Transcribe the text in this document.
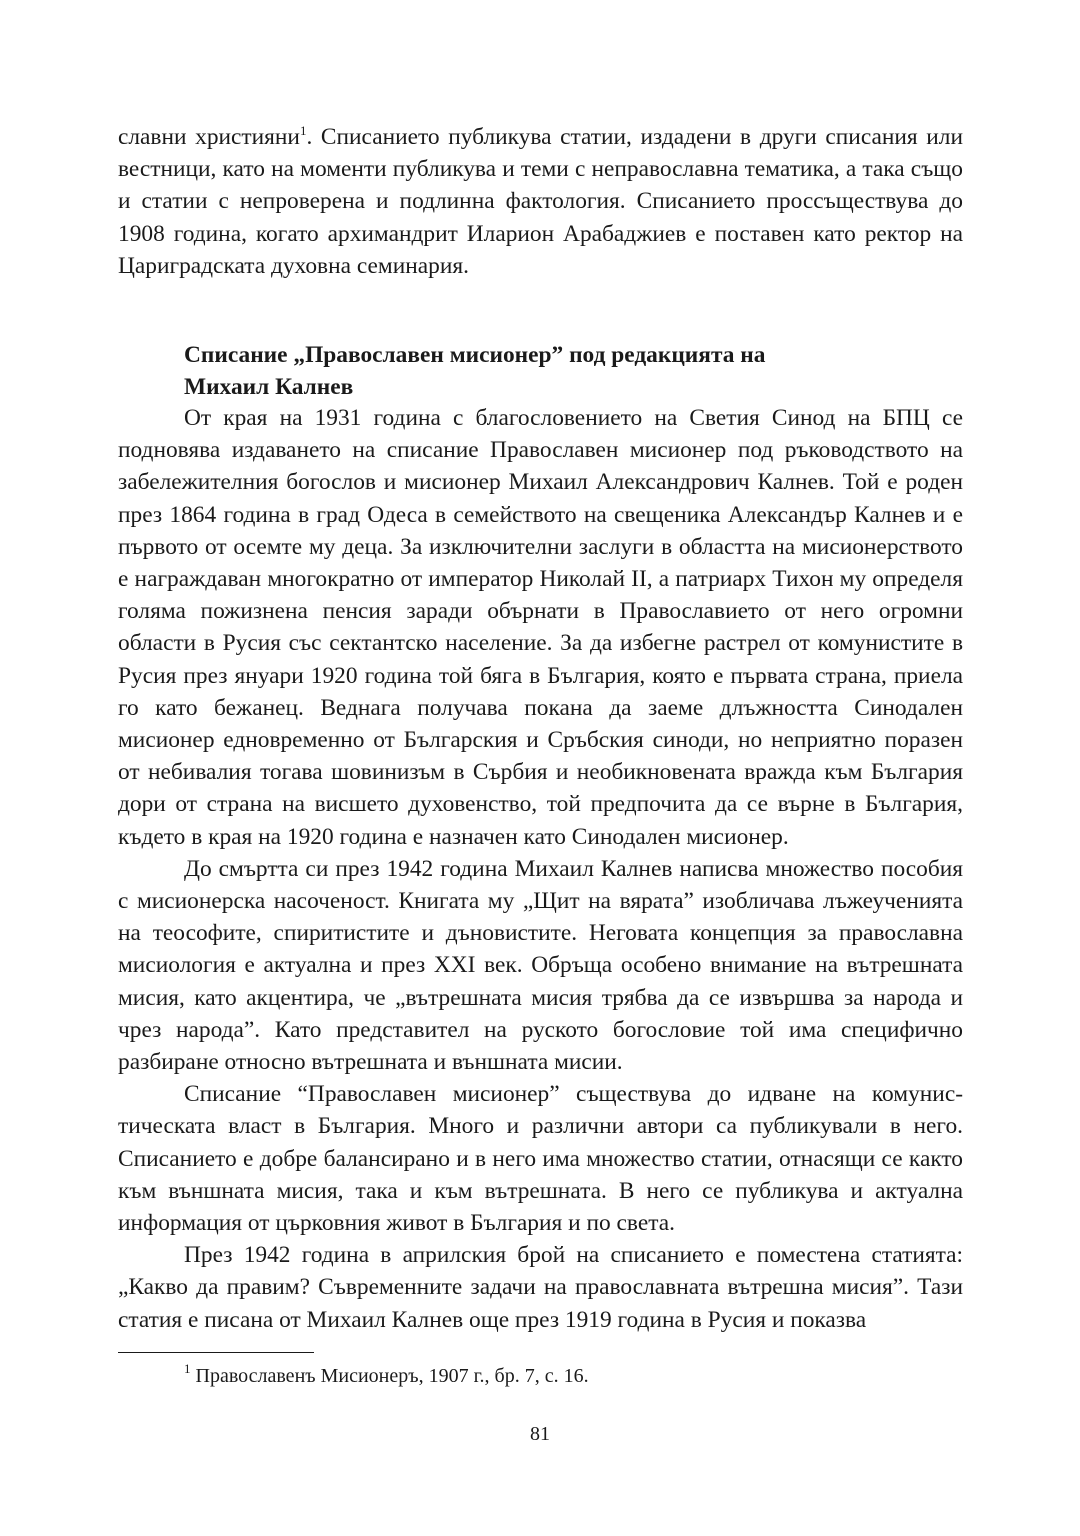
славни християни$^1$. Списанието публикува статии, издадени в други списания или вестници, като на моменти публикува и теми с неправославна тематика, а така също и статии с непроверена и подлинна фактология. Списанието проссъществува до 1908 година, когато архимандрит Иларион Арабаджиев е поставен като ректор на Цариградската духовна семинария.

Списание „Православен мисионер” под редакцията на
Михаил Калнев

От края на 1931 година с благословението на Светия Синод на БПЦ се подновява издаването на списание Православен мисионер под ръководството на забележителния богослов и мисионер Михаил Александрович Калнев. Той е роден през 1864 година в град Одеса в семейството на свещеника Александър Калнев и е първото от осемте му деца. За изключителни заслуги в областта на мисионерството е награждаван многократно от император Николай II, а патриарх Тихон му определя голяма пожизнена пенсия заради обърнати в Православието от него огромни области в Русия със сектантско население. За да избегне растрел от комунистите в Русия през януари 1920 година той бяга в България, която е първата страна, приела го като бежанец. Веднага получава покана да заеме длъжността Синодален мисионер едновременно от Българския и Сръбския синоди, но неприятно поразен от небивалия тогава шовинизъм в Сърбия и необикновената вражда към България дори от страна на висшето духовенство, той предпочита да се върне в България, където в края на 1920 година е назначен като Синодален мисионер.

До смъртта си през 1942 година Михаил Калнев написва множество пособия с мисионерска насоченост. Книгата му „Щит на вярата” изобличава лъжеученията на теософите, спиритистите и дъновистите. Неговата концепция за православна мисиология е актуална и през XXI век. Обръща особено внимание на вътрешната мисия, като акцентира, че „вътрешната мисия трябва да се извършва за народа и чрез народа”. Като представител на руското богословие той има специфично разбиране относно вътрешната и външната мисии.

Списание “Православен мисионер” съществува до идване на комунистическата власт в България. Много и различни автори са публикували в него. Списанието е добре балансирано и в него има множество статии, отнасящи се както към външната мисия, така и към вътрешната. В него се публикува и актуална информация от църковния живот в България и по света.

През 1942 година в априлския брой на списанието е поместена статията: „Какво да правим? Съвременните задачи на православната вътрешна мисия”. Тази статия е писана от Михаил Калнев още през 1919 година в Русия и показва

$^1$ Православенъ Мисионеръ, 1907 г., бр. 7, с. 16.
81
